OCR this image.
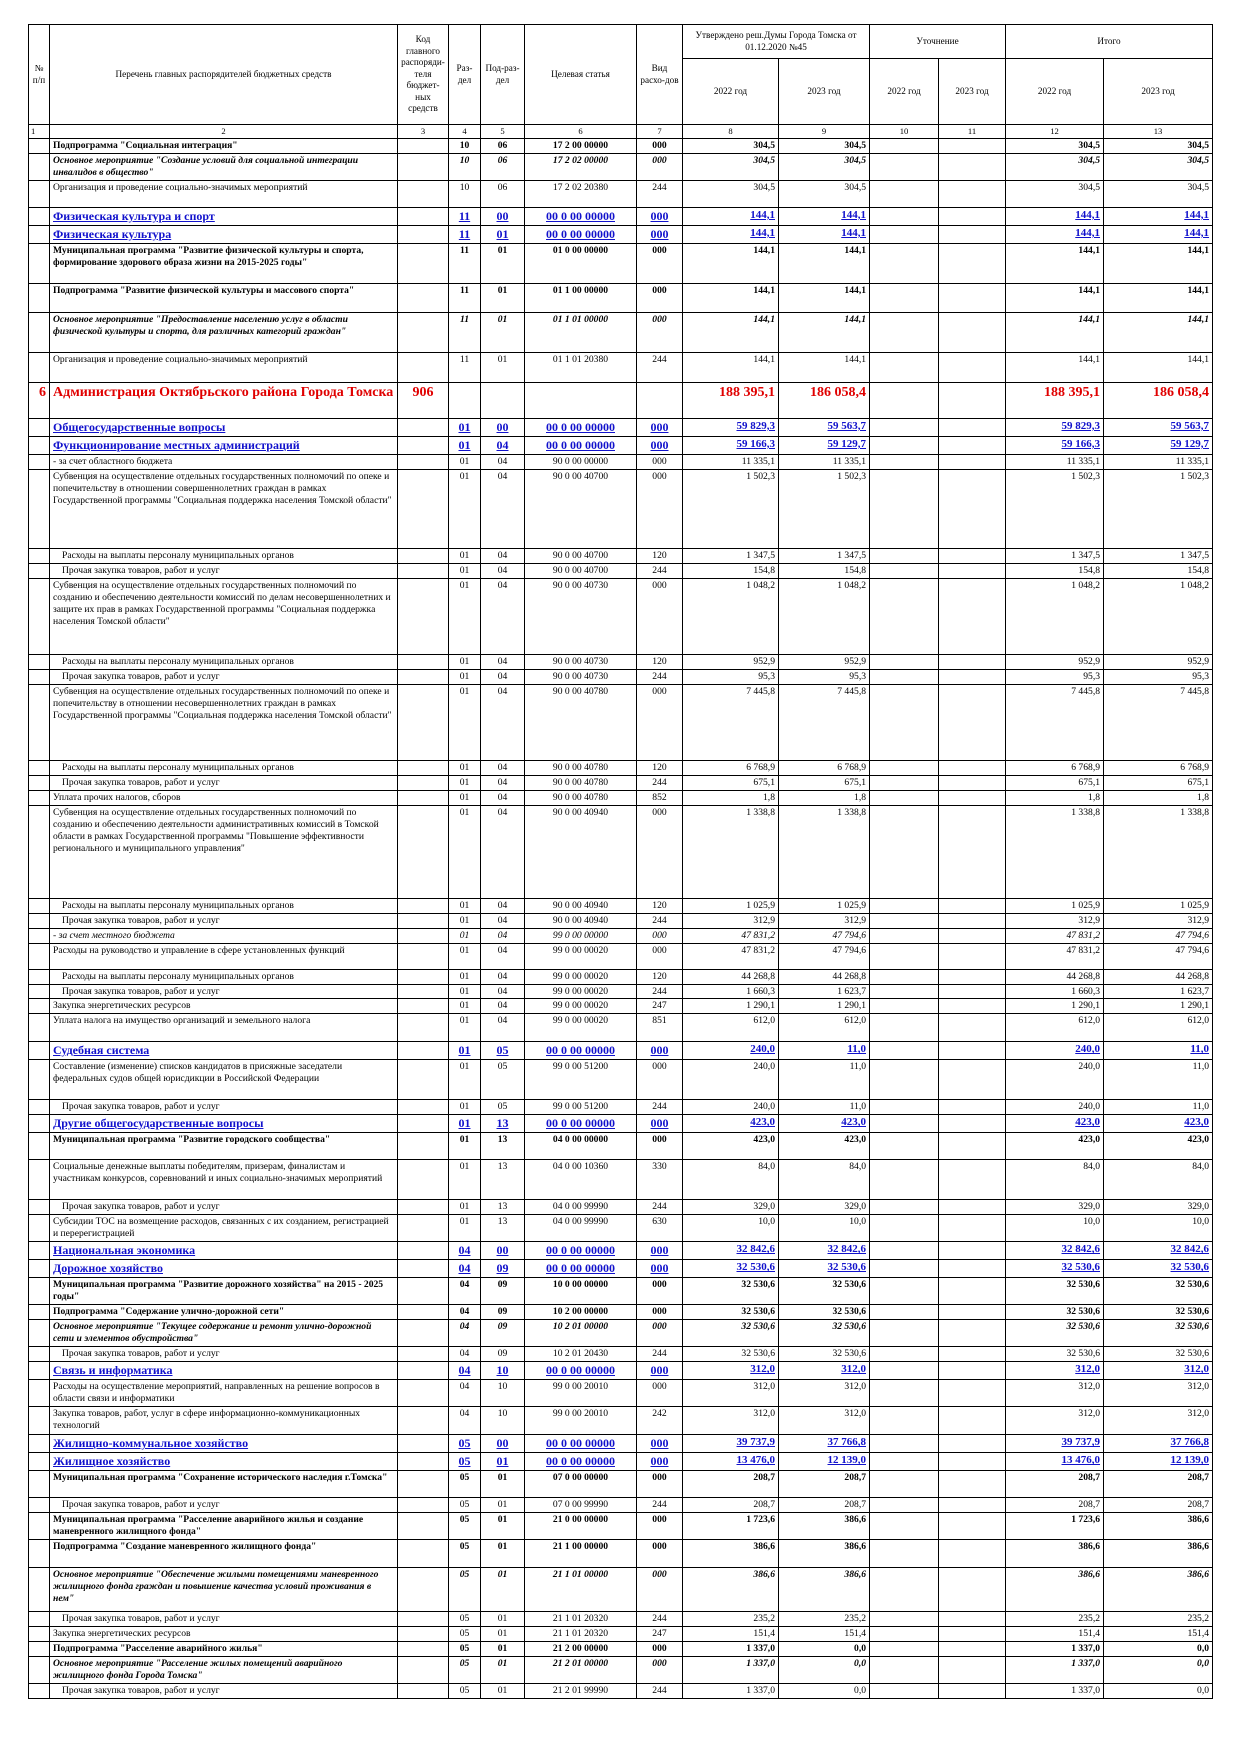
№ п/п	Перечень главных распорядителей бюджетных средств	Код главного распоряди-теля бюджет-ных средств	Раз-дел	Под-раз-дел	Целевая статья	Вид расхо-дов	Утверждено реш.Думы Города Томска от 01.12.2020 №45		Уточнение		Итого	
							2022 год	2023 год	2022 год	2023 год	2022 год	2023 год
1	2	3	4	5	6	7	8	9	10	11	12	13
	Подпрограмма "Социальная интеграция"		10	06	17 2 00 00000	000	304,5	304,5			304,5	304,5
	Основное мероприятие "Создание условий для социальной интеграции инвалидов в общество"		10	06	17 2 02 00000	000	304,5	304,5			304,5	304,5
	Организация и проведение социально-значимых мероприятий		10	06	17 2 02 20380	244	304,5	304,5			304,5	304,5
	Физическая культура и спорт		11	00	00 0 00 00000	000	144,1	144,1			144,1	144,1
	Физическая культура		11	01	00 0 00 00000	000	144,1	144,1			144,1	144,1
	Муниципальная программа "Развитие физической культуры и спорта, формирование здорового образа жизни на 2015-2025 годы"		11	01	01 0 00 00000	000	144,1	144,1			144,1	144,1
	Подпрограмма "Развитие физической культуры и массового спорта"		11	01	01 1 00 00000	000	144,1	144,1			144,1	144,1
	Основное мероприятие "Предоставление населению услуг в области физической культуры и спорта, для различных категорий граждан"		11	01	01 1 01 00000	000	144,1	144,1			144,1	144,1
	Организация и проведение социально-значимых мероприятий		11	01	01 1 01 20380	244	144,1	144,1			144,1	144,1
6	Администрация Октябрьского района Города Томска	906					188 395,1	186 058,4			188 395,1	186 058,4
	Общегосударственные вопросы		01	00	00 0 00 00000	000	59 829,3	59 563,7			59 829,3	59 563,7
	Функционирование местных администраций		01	04	00 0 00 00000	000	59 166,3	59 129,7			59 166,3	59 129,7
	- за счет областного бюджета		01	04	90 0 00 00000	000	11 335,1	11 335,1			11 335,1	11 335,1
	Субвенция на осуществление отдельных государственных полномочий по опеке и попечительству в отношении совершеннолетних граждан в рамках Государственной программы "Социальная поддержка населения Томской области"		01	04	90 0 00 40700	000	1 502,3	1 502,3			1 502,3	1 502,3
	Расходы на выплаты персоналу муниципальных органов		01	04	90 0 00 40700	120	1 347,5	1 347,5			1 347,5	1 347,5
	Прочая закупка товаров, работ и услуг		01	04	90 0 00 40700	244	154,8	154,8			154,8	154,8
	Субвенция на осуществление отдельных государственных полномочий по созданию и обеспечению деятельности комиссий по делам несовершеннолетних и защите их прав в рамках Государственной программы "Социальная поддержка населения Томской области"		01	04	90 0 00 40730	000	1 048,2	1 048,2			1 048,2	1 048,2
	Расходы на выплаты персоналу муниципальных органов		01	04	90 0 00 40730	120	952,9	952,9			952,9	952,9
	Прочая закупка товаров, работ и услуг		01	04	90 0 00 40730	244	95,3	95,3			95,3	95,3
	Субвенция на осуществление отдельных государственных полномочий по опеке и попечительству в отношении несовершеннолетних граждан в рамках Государственной программы "Социальная поддержка населения Томской области"		01	04	90 0 00 40780	000	7 445,8	7 445,8			7 445,8	7 445,8
	Расходы на выплаты персоналу муниципальных органов		01	04	90 0 00 40780	120	6 768,9	6 768,9			6 768,9	6 768,9
	Прочая закупка товаров, работ и услуг		01	04	90 0 00 40780	244	675,1	675,1			675,1	675,1
	Уплата прочих налогов, сборов		01	04	90 0 00 40780	852	1,8	1,8			1,8	1,8
	Субвенция на осуществление отдельных государственных полномочий по созданию и обеспечению деятельности административных комиссий в Томской области в рамках Государственной программы "Повышение эффективности регионального и муниципального управления"		01	04	90 0 00 40940	000	1 338,8	1 338,8			1 338,8	1 338,8
	Расходы на выплаты персоналу муниципальных органов		01	04	90 0 00 40940	120	1 025,9	1 025,9			1 025,9	1 025,9
	Прочая закупка товаров, работ и услуг		01	04	90 0 00 40940	244	312,9	312,9			312,9	312,9
	- за счет местного бюджета		01	04	99 0 00 00000	000	47 831,2	47 794,6			47 831,2	47 794,6
	Расходы на руководство и управление в сфере установленных функций		01	04	99 0 00 00020	000	47 831,2	47 794,6			47 831,2	47 794,6
	Расходы на выплаты персоналу муниципальных органов		01	04	99 0 00 00020	120	44 268,8	44 268,8			44 268,8	44 268,8
	Прочая закупка товаров, работ и услуг		01	04	99 0 00 00020	244	1 660,3	1 623,7			1 660,3	1 623,7
	Закупка энергетических ресурсов		01	04	99 0 00 00020	247	1 290,1	1 290,1			1 290,1	1 290,1
	Уплата налога на имущество организаций и земельного налога		01	04	99 0 00 00020	851	612,0	612,0			612,0	612,0
	Судебная система		01	05	00 0 00 00000	000	240,0	11,0			240,0	11,0
	Составление (изменение) списков кандидатов в присяжные заседатели федеральных судов общей юрисдикции в Российской Федерации		01	05	99 0 00 51200	000	240,0	11,0			240,0	11,0
	Прочая закупка товаров, работ и услуг		01	05	99 0 00 51200	244	240,0	11,0			240,0	11,0
	Другие общегосударственные вопросы		01	13	00 0 00 00000	000	423,0	423,0			423,0	423,0
	Муниципальная программа "Развитие городского сообщества"		01	13	04 0 00 00000	000	423,0	423,0			423,0	423,0
	Социальные денежные выплаты победителям, призерам, финалистам и участникам конкурсов, соревнований и иных социально-значимых мероприятий		01	13	04 0 00 10360	330	84,0	84,0			84,0	84,0
	Прочая закупка товаров, работ и услуг		01	13	04 0 00 99990	244	329,0	329,0			329,0	329,0
	Субсидии ТОС на возмещение расходов, связанных с их созданием, регистрацией и перерегистрацией		01	13	04 0 00 99990	630	10,0	10,0			10,0	10,0
	Национальная экономика		04	00	00 0 00 00000	000	32 842,6	32 842,6			32 842,6	32 842,6
	Дорожное хозяйство		04	09	00 0 00 00000	000	32 530,6	32 530,6			32 530,6	32 530,6
	Муниципальная программа "Развитие дорожного хозяйства" на 2015 - 2025 годы"		04	09	10 0 00 00000	000	32 530,6	32 530,6			32 530,6	32 530,6
	Подпрограмма "Содержание улично-дорожной сети"		04	09	10 2 00 00000	000	32 530,6	32 530,6			32 530,6	32 530,6
	Основное мероприятие "Текущее содержание и ремонт улично-дорожной сети и элементов обустройства"		04	09	10 2 01 00000	000	32 530,6	32 530,6			32 530,6	32 530,6
	Прочая закупка товаров, работ и услуг		04	09	10 2 01 20430	244	32 530,6	32 530,6			32 530,6	32 530,6
	Связь и информатика		04	10	00 0 00 00000	000	312,0	312,0			312,0	312,0
	Расходы на осуществление мероприятий, направленных на решение вопросов в области связи и информатики		04	10	99 0 00 20010	000	312,0	312,0			312,0	312,0
	Закупка товаров, работ, услуг в сфере информационно-коммуникационных технологий		04	10	99 0 00 20010	242	312,0	312,0			312,0	312,0
	Жилищно-коммунальное хозяйство		05	00	00 0 00 00000	000	39 737,9	37 766,8			39 737,9	37 766,8
	Жилищное хозяйство		05	01	00 0 00 00000	000	13 476,0	12 139,0			13 476,0	12 139,0
	Муниципальная программа "Сохранение исторического наследия г.Томска"		05	01	07 0 00 00000	000	208,7	208,7			208,7	208,7
	Прочая закупка товаров, работ и услуг		05	01	07 0 00 99990	244	208,7	208,7			208,7	208,7
	Муниципальная программа "Расселение аварийного жилья и создание маневренного жилищного фонда"		05	01	21 0 00 00000	000	1 723,6	386,6			1 723,6	386,6
	Подпрограмма "Создание маневренного жилищного фонда"		05	01	21 1 00 00000	000	386,6	386,6			386,6	386,6
	Основное мероприятие "Обеспечение жилыми помещениями маневренного жилищного фонда граждан и повышение качества условий проживания в нем"		05	01	21 1 01 00000	000	386,6	386,6			386,6	386,6
	Прочая закупка товаров, работ и услуг		05	01	21 1 01 20320	244	235,2	235,2			235,2	235,2
	Закупка энергетических ресурсов		05	01	21 1 01 20320	247	151,4	151,4			151,4	151,4
	Подпрограмма "Расселение аварийного жилья"		05	01	21 2 00 00000	000	1 337,0	0,0			1 337,0	0,0
	Основное мероприятие "Расселение жилых помещений аварийного жилищного фонда Города Томска"		05	01	21 2 01 00000	000	1 337,0	0,0			1 337,0	0,0
	Прочая закупка товаров, работ и услуг		05	01	21 2 01 99990	244	1 337,0	0,0			1 337,0	0,0
